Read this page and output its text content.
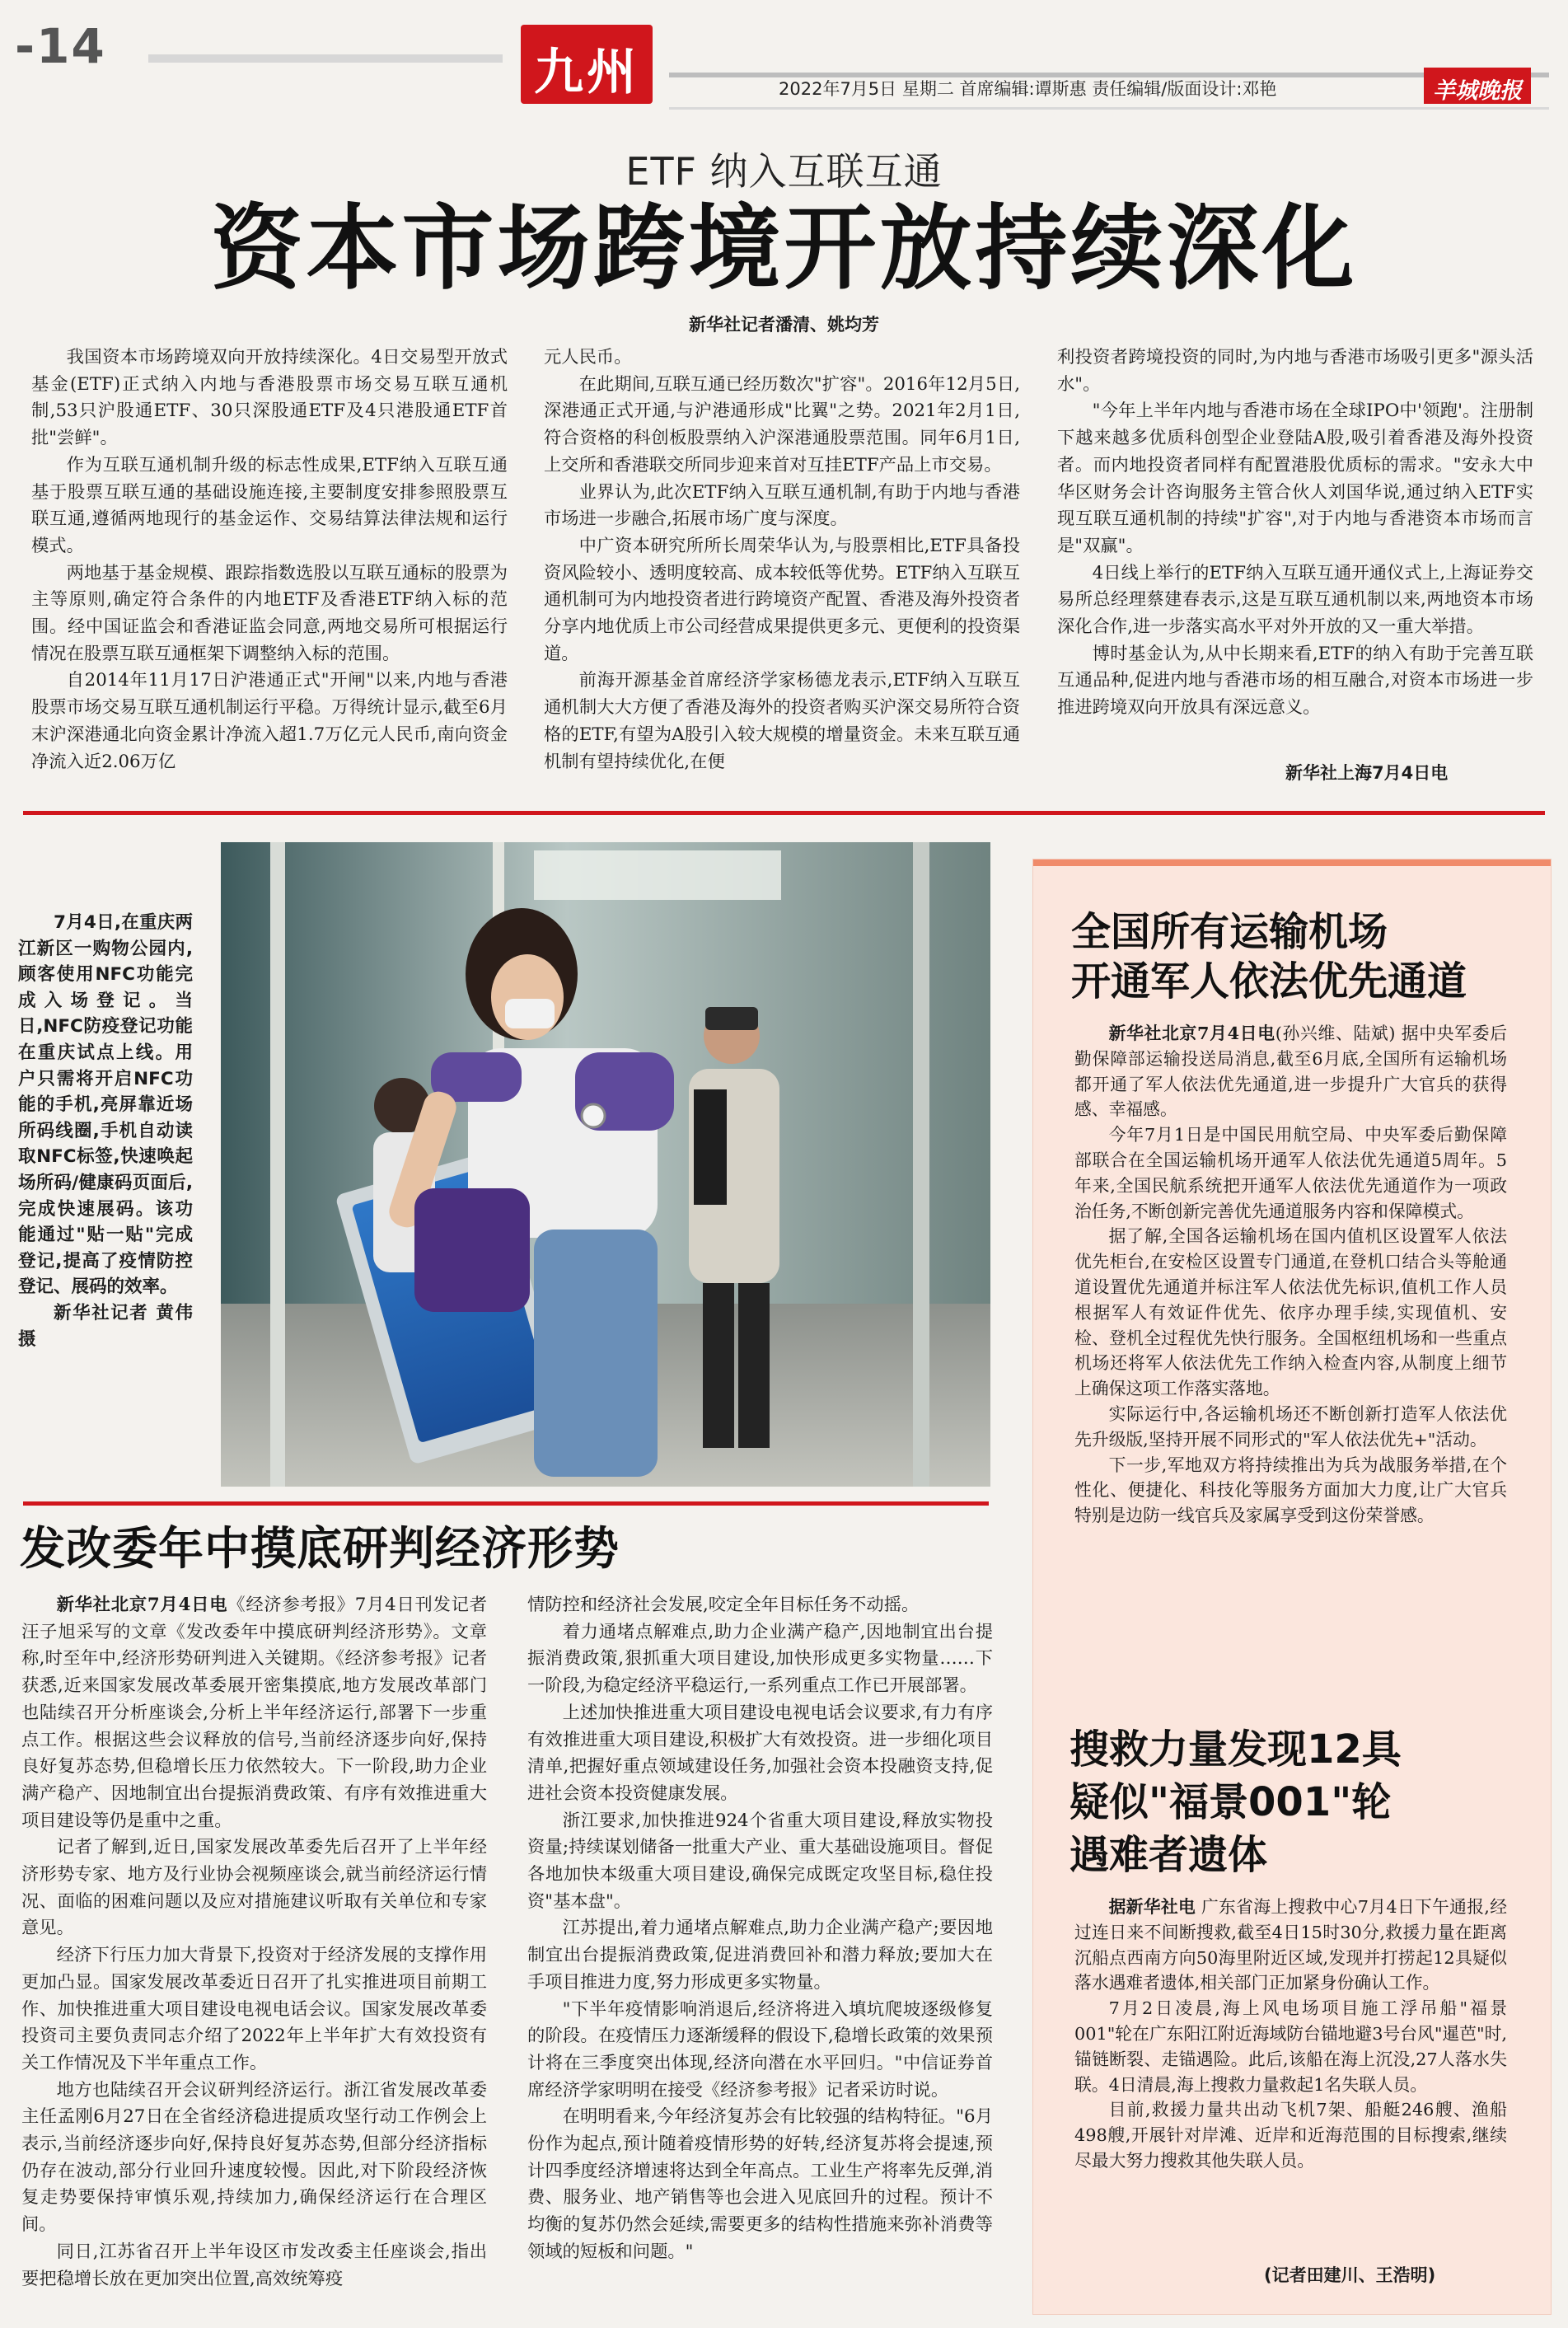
-14	九州	2022年7月5日 星期二 首席编辑:谭斯惠 责任编辑/版面设计:邓艳	羊城晚报
ETF 纳入互联互通
资本市场跨境开放持续深化
新华社记者潘清、姚均芳

我国资本市场跨境双向开放持续深化。4日交易型开放式基金(ETF)正式纳入内地与香港股票市场交易互联互通机制,53只沪股通ETF、30只深股通ETF及4只港股通ETF首批"尝鲜"。

作为互联互通机制升级的标志性成果,ETF纳入互联互通基于股票互联互通的基础设施连接,主要制度安排参照股票互联互通,遵循两地现行的基金运作、交易结算法律法规和运行模式。

两地基于基金规模、跟踪指数选股以互联互通标的股票为主等原则,确定符合条件的内地ETF及香港ETF纳入标的范围。经中国证监会和香港证监会同意,两地交易所可根据运行情况在股票互联互通框架下调整纳入标的范围。

自2014年11月17日沪港通正式"开闸"以来,内地与香港股票市场交易互联互通机制运行平稳。万得统计显示,截至6月末沪深港通北向资金累计净流入超1.7万亿元人民币,南向资金净流入近2.06万亿

元人民币。

在此期间,互联互通已经历数次"扩容"。2016年12月5日,深港通正式开通,与沪港通形成"比翼"之势。2021年2月1日,符合资格的科创板股票纳入沪深港通股票范围。同年6月1日,上交所和香港联交所同步迎来首对互挂ETF产品上市交易。

业界认为,此次ETF纳入互联互通机制,有助于内地与香港市场进一步融合,拓展市场广度与深度。

中广资本研究所所长周荣华认为,与股票相比,ETF具备投资风险较小、透明度较高、成本较低等优势。ETF纳入互联互通机制可为内地投资者进行跨境资产配置、香港及海外投资者分享内地优质上市公司经营成果提供更多元、更便利的投资渠道。

前海开源基金首席经济学家杨德龙表示,ETF纳入互联互通机制大大方便了香港及海外的投资者购买沪深交易所符合资格的ETF,有望为A股引入较大规模的增量资金。未来互联互通机制有望持续优化,在便

利投资者跨境投资的同时,为内地与香港市场吸引更多"源头活水"。

"今年上半年内地与香港市场在全球IPO中'领跑'。注册制下越来越多优质科创型企业登陆A股,吸引着香港及海外投资者。而内地投资者同样有配置港股优质标的需求。"安永大中华区财务会计咨询服务主管合伙人刘国华说,通过纳入ETF实现互联互通机制的持续"扩容",对于内地与香港资本市场而言是"双赢"。

4日线上举行的ETF纳入互联互通开通仪式上,上海证券交易所总经理蔡建春表示,这是互联互通机制以来,两地资本市场深化合作,进一步落实高水平对外开放的又一重大举措。

博时基金认为,从中长期来看,ETF的纳入有助于完善互联互通品种,促进内地与香港市场的相互融合,对资本市场进一步推进跨境双向开放具有深远意义。

新华社上海7月4日电
7月4日,在重庆两江新区一购物公园内,顾客使用NFC功能完成入场登记。当日,NFC防疫登记功能在重庆试点上线。用户只需将开启NFC功能的手机,亮屏靠近场所码线圈,手机自动读取NFC标签,快速唤起场所码/健康码页面后,完成快速展码。该功能通过"贴一贴"完成登记,提高了疫情防控登记、展码的效率。
新华社记者 黄伟 摄
发改委年中摸底研判经济形势

新华社北京7月4日电《经济参考报》7月4日刊发记者汪子旭采写的文章《发改委年中摸底研判经济形势》。文章称,时至年中,经济形势研判进入关键期。《经济参考报》记者获悉,近来国家发展改革委展开密集摸底,地方发展改革部门也陆续召开分析座谈会,分析上半年经济运行,部署下一步重点工作。根据这些会议释放的信号,当前经济逐步向好,保持良好复苏态势,但稳增长压力依然较大。下一阶段,助力企业满产稳产、因地制宜出台提振消费政策、有序有效推进重大项目建设等仍是重中之重。

记者了解到,近日,国家发展改革委先后召开了上半年经济形势专家、地方及行业协会视频座谈会,就当前经济运行情况、面临的困难问题以及应对措施建议听取有关单位和专家意见。

经济下行压力加大背景下,投资对于经济发展的支撑作用更加凸显。国家发展改革委近日召开了扎实推进项目前期工作、加快推进重大项目建设电视电话会议。国家发展改革委投资司主要负责同志介绍了2022年上半年扩大有效投资有关工作情况及下半年重点工作。

地方也陆续召开会议研判经济运行。浙江省发展改革委主任孟刚6月27日在全省经济稳进提质攻坚行动工作例会上表示,当前经济逐步向好,保持良好复苏态势,但部分经济指标仍存在波动,部分行业回升速度较慢。因此,对下阶段经济恢复走势要保持审慎乐观,持续加力,确保经济运行在合理区间。

同日,江苏省召开上半年设区市发改委主任座谈会,指出要把稳增长放在更加突出位置,高效统筹疫

情防控和经济社会发展,咬定全年目标任务不动摇。

着力通堵点解难点,助力企业满产稳产,因地制宜出台提振消费政策,狠抓重大项目建设,加快形成更多实物量……下一阶段,为稳定经济平稳运行,一系列重点工作已开展部署。

上述加快推进重大项目建设电视电话会议要求,有力有序有效推进重大项目建设,积极扩大有效投资。进一步细化项目清单,把握好重点领域建设任务,加强社会资本投融资支持,促进社会资本投资健康发展。

浙江要求,加快推进924个省重大项目建设,释放实物投资量;持续谋划储备一批重大产业、重大基础设施项目。督促各地加快本级重大项目建设,确保完成既定攻坚目标,稳住投资"基本盘"。

江苏提出,着力通堵点解难点,助力企业满产稳产;要因地制宜出台提振消费政策,促进消费回补和潜力释放;要加大在手项目推进力度,努力形成更多实物量。

"下半年疫情影响消退后,经济将进入填坑爬坡逐级修复的阶段。在疫情压力逐渐缓释的假设下,稳增长政策的效果预计将在三季度突出体现,经济向潜在水平回归。"中信证券首席经济学家明明在接受《经济参考报》记者采访时说。

在明明看来,今年经济复苏会有比较强的结构特征。"6月份作为起点,预计随着疫情形势的好转,经济复苏将会提速,预计四季度经济增速将达到全年高点。工业生产将率先反弹,消费、服务业、地产销售等也会进入见底回升的过程。预计不均衡的复苏仍然会延续,需要更多的结构性措施来弥补消费等领域的短板和问题。"

全国所有运输机场
开通军人依法优先通道

新华社北京7月4日电(孙兴维、陆斌) 据中央军委后勤保障部运输投送局消息,截至6月底,全国所有运输机场都开通了军人依法优先通道,进一步提升广大官兵的获得感、幸福感。

今年7月1日是中国民用航空局、中央军委后勤保障部联合在全国运输机场开通军人依法优先通道5周年。5年来,全国民航系统把开通军人依法优先通道作为一项政治任务,不断创新完善优先通道服务内容和保障模式。

据了解,全国各运输机场在国内值机区设置军人依法优先柜台,在安检区设置专门通道,在登机口结合头等舱通道设置优先通道并标注军人依法优先标识,值机工作人员根据军人有效证件优先、依序办理手续,实现值机、安检、登机全过程优先快行服务。全国枢纽机场和一些重点机场还将军人依法优先工作纳入检查内容,从制度上细节上确保这项工作落实落地。

实际运行中,各运输机场还不断创新打造军人依法优先升级版,坚持开展不同形式的"军人依法优先+"活动。

下一步,军地双方将持续推出为兵为战服务举措,在个性化、便捷化、科技化等服务方面加大力度,让广大官兵特别是边防一线官兵及家属享受到这份荣誉感。

搜救力量发现12具
疑似"福景001"轮
遇难者遗体

据新华社电 广东省海上搜救中心7月4日下午通报,经过连日来不间断搜救,截至4日15时30分,救援力量在距离沉船点西南方向50海里附近区域,发现并打捞起12具疑似落水遇难者遗体,相关部门正加紧身份确认工作。

7月2日凌晨,海上风电场项目施工浮吊船"福景001"轮在广东阳江附近海域防台锚地避3号台风"暹芭"时,锚链断裂、走锚遇险。此后,该船在海上沉没,27人落水失联。4日清晨,海上搜救力量救起1名失联人员。

目前,救援力量共出动飞机7架、船艇246艘、渔船498艘,开展针对岸滩、近岸和近海范围的目标搜索,继续尽最大努力搜救其他失联人员。

(记者田建川、王浩明)
